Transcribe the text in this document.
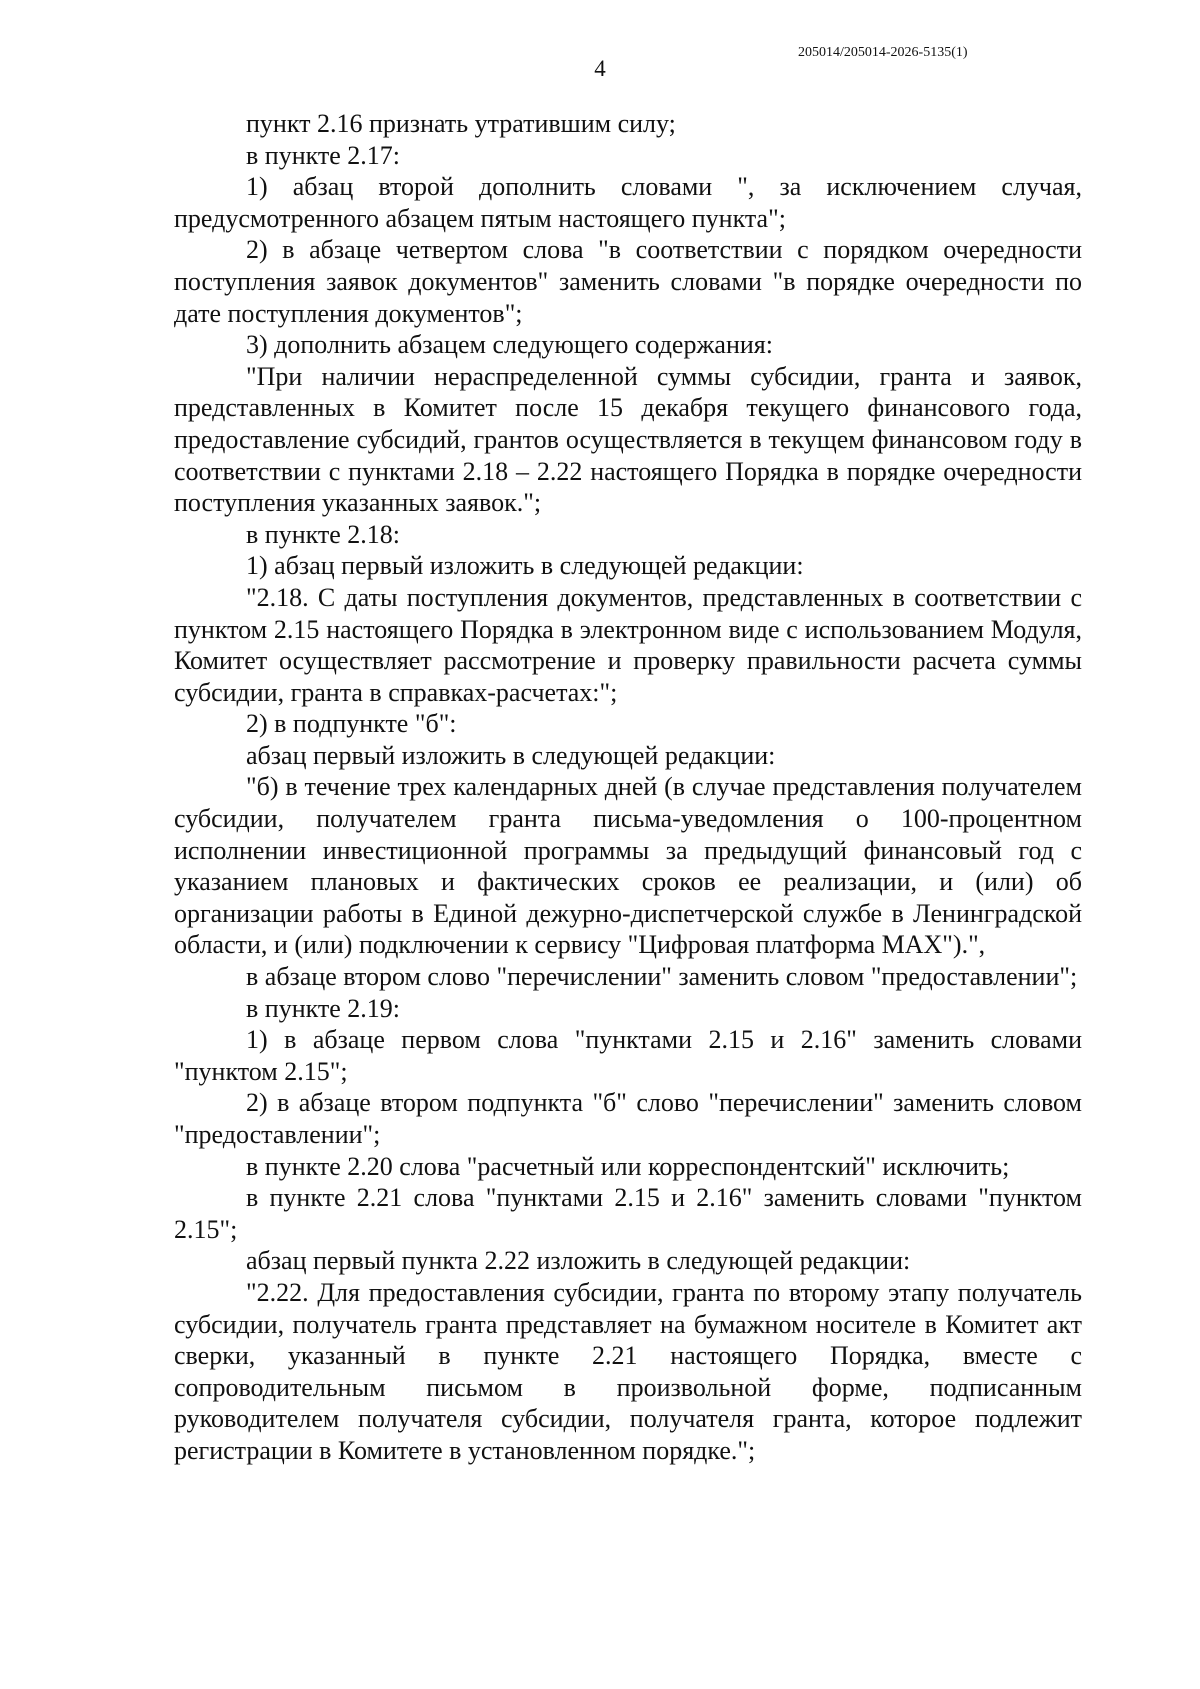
4
205014/205014-2026-5135(1)

пункт 2.16 признать утратившим силу;

в пункте 2.17:

1) абзац второй дополнить словами ", за исключением случая, предусмотренного абзацем пятым настоящего пункта";

2) в абзаце четвертом слова "в соответствии с порядком очередности поступления заявок документов" заменить словами "в порядке очередности по дате поступления документов";

3) дополнить абзацем следующего содержания:

"При наличии нераспределенной суммы субсидии, гранта и заявок, представленных в Комитет после 15 декабря текущего финансового года, предоставление субсидий, грантов осуществляется в текущем финансовом году в соответствии с пунктами 2.18 – 2.22 настоящего Порядка в порядке очередности поступления указанных заявок.";

в пункте 2.18:

1) абзац первый изложить в следующей редакции:

"2.18. С даты поступления документов, представленных в соответствии с пунктом 2.15 настоящего Порядка в электронном виде с использованием Модуля, Комитет осуществляет рассмотрение и проверку правильности расчета суммы субсидии, гранта в справках-расчетах:";

2) в подпункте "б":

абзац первый изложить в следующей редакции:

"б) в течение трех календарных дней (в случае представления получателем субсидии, получателем гранта письма-уведомления о 100-процентном исполнении инвестиционной программы за предыдущий финансовый год с указанием плановых и фактических сроков ее реализации, и (или) об организации работы в Единой дежурно-диспетчерской службе в Ленинградской области, и (или) подключении к сервису "Цифровая платформа MAX").",

в абзаце втором слово "перечислении" заменить словом "предоставлении";

в пункте 2.19:

1) в абзаце первом слова "пунктами 2.15 и 2.16" заменить словами "пунктом 2.15";

2) в абзаце втором подпункта "б" слово "перечислении" заменить словом "предоставлении";

в пункте 2.20 слова "расчетный или корреспондентский" исключить;

в пункте 2.21 слова "пунктами 2.15 и 2.16" заменить словами "пунктом 2.15";

абзац первый пункта 2.22 изложить в следующей редакции:

"2.22. Для предоставления субсидии, гранта по второму этапу получатель субсидии, получатель гранта представляет на бумажном носителе в Комитет акт сверки, указанный в пункте 2.21 настоящего Порядка, вместе с сопроводительным письмом в произвольной форме, подписанным руководителем получателя субсидии, получателя гранта, которое подлежит регистрации в Комитете в установленном порядке.";
